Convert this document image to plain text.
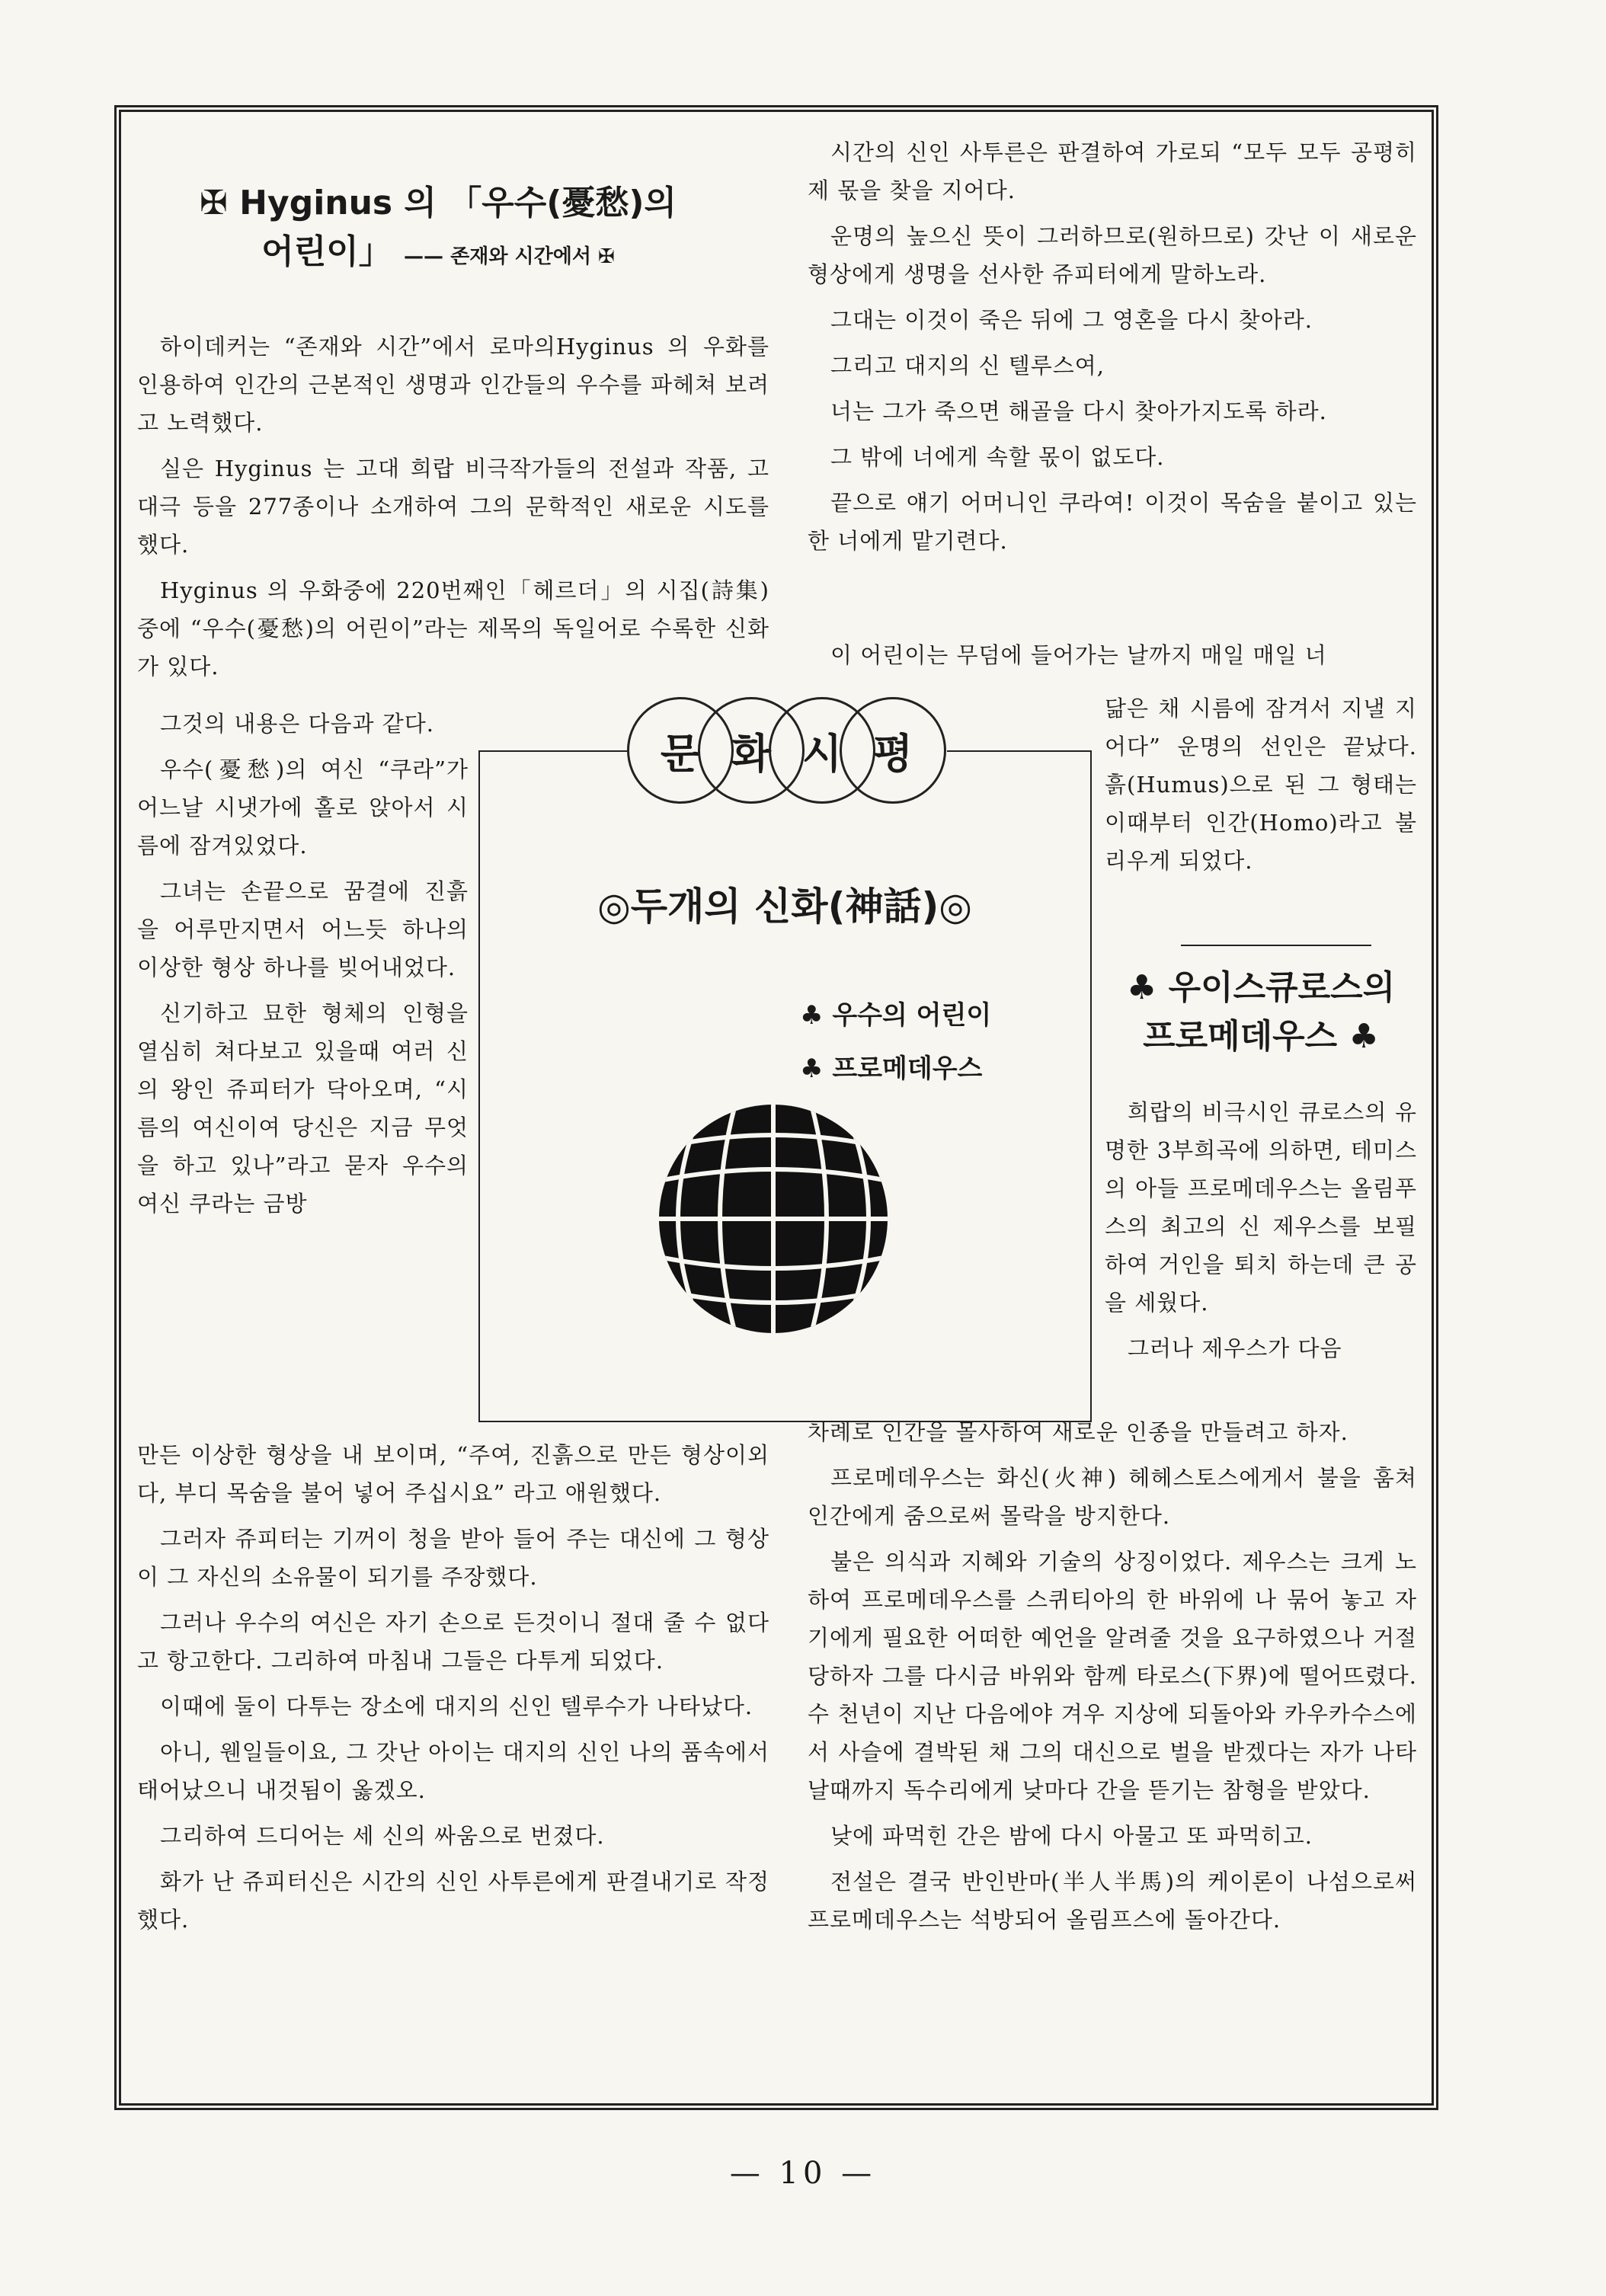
✠ Hyginus 의 「우수(憂愁)의
어린이」 —— 존재와 시간에서 ✠

하이데커는 “존재와 시간”에서 로마의Hyginus 의 우화를 인용하여 인간의 근본적인 생명과 인간들의 우수를 파헤쳐 보려고 노력했다.

실은 Hyginus 는 고대 희랍 비극작가들의 전설과 작품, 고대극 등을 277종이나 소개하여 그의 문학적인 새로운 시도를 했다.

Hyginus 의 우화중에 220번째인「헤르더」의 시집(詩集)중에 “우수(憂愁)의 어린이”라는 제목의 독일어로 수록한 신화가 있다.

그것의 내용은 다음과 같다.

우수(憂愁)의 여신 “쿠라”가 어느날 시냇가에 홀로 앉아서 시름에 잠겨있었다.

그녀는 손끝으로 꿈결에 진흙을 어루만지면서 어느듯 하나의 이상한 형상 하나를 빚어내었다.

신기하고 묘한 형체의 인형을 열심히 쳐다보고 있을때 여러 신의 왕인 쥬피터가 닥아오며, “시름의 여신이여 당신은 지금 무엇을 하고 있나”라고 묻자 우수의 여신 쿠라는 금방

만든 이상한 형상을 내 보이며, “주여, 진흙으로 만든 형상이외다, 부디 목숨을 불어 넣어 주십시요” 라고 애원했다.

그러자 쥬피터는 기꺼이 청을 받아 들어 주는 대신에 그 형상이 그 자신의 소유물이 되기를 주장했다.

그러나 우수의 여신은 자기 손으로 든것이니 절대 줄 수 없다고 항고한다. 그리하여 마침내 그들은 다투게 되었다.

이때에 둘이 다투는 장소에 대지의 신인 텔루수가 나타났다.

아니, 웬일들이요, 그 갓난 아이는 대지의 신인 나의 품속에서 태어났으니 내것됨이 옳겠오.

그리하여 드디어는 세 신의 싸움으로 번졌다.

화가 난 쥬피터신은 시간의 신인 사투른에게 판결내기로 작정했다.

시간의 신인 사투른은 판결하여 가로되 “모두 모두 공평히 제 몫을 찾을 지어다.

운명의 높으신 뜻이 그러하므로(원하므로) 갓난 이 새로운 형상에게 생명을 선사한 쥬피터에게 말하노라.

그대는 이것이 죽은 뒤에 그 영혼을 다시 찾아라.

그리고 대지의 신 텔루스여,

너는 그가 죽으면 해골을 다시 찾아가지도록 하라.

그 밖에 너에게 속할 몫이 없도다.

끝으로 얘기 어머니인 쿠라여! 이것이 목숨을 붙이고 있는 한 너에게 맡기련다.

이 어린이는 무덤에 들어가는 날까지 매일 매일 너

닮은 채 시름에 잠겨서 지낼 지어다” 운명의 선인은 끝났다. 흙(Humus)으로 된 그 형태는 이때부터 인간(Homo)라고 불리우게 되었다.

♣ 우이스큐로스의
프로메데우스 ♣

희랍의 비극시인 큐로스의 유명한 3부희곡에 의하면, 테미스의 아들 프로메데우스는 올림푸스의 최고의 신 제우스를 보필하여 거인을 퇴치 하는데 큰 공을 세웠다.

그러나 제우스가 다음

차례로 인간을 몰사하여 새로운 인종을 만들려고 하자.

프로메데우스는 화신(火神) 헤헤스토스에게서 불을 훔쳐 인간에게 줌으로써 몰락을 방지한다.

불은 의식과 지혜와 기술의 상징이었다. 제우스는 크게 노하여 프로메데우스를 스퀴티아의 한 바위에 나 묶어 놓고 자기에게 필요한 어떠한 예언을 알려줄 것을 요구하였으나 거절 당하자 그를 다시금 바위와 함께 타로스(下界)에 떨어뜨렸다. 수 천년이 지난 다음에야 겨우 지상에 되돌아와 카우카수스에서 사슬에 결박된 채 그의 대신으로 벌을 받겠다는 자가 나타날때까지 독수리에게 낮마다 간을 뜯기는 참형을 받았다.

낮에 파먹힌 간은 밤에 다시 아물고 또 파먹히고.

전설은 결국 반인반마(半人半馬)의 케이론이 나섬으로써 프로메데우스는 석방되어 올림프스에 돌아간다.

문 화 시 평
◎두개의 신화(神話)◎
♣ 우수의 어린이
♣ 프로메데우스
— 10 —
